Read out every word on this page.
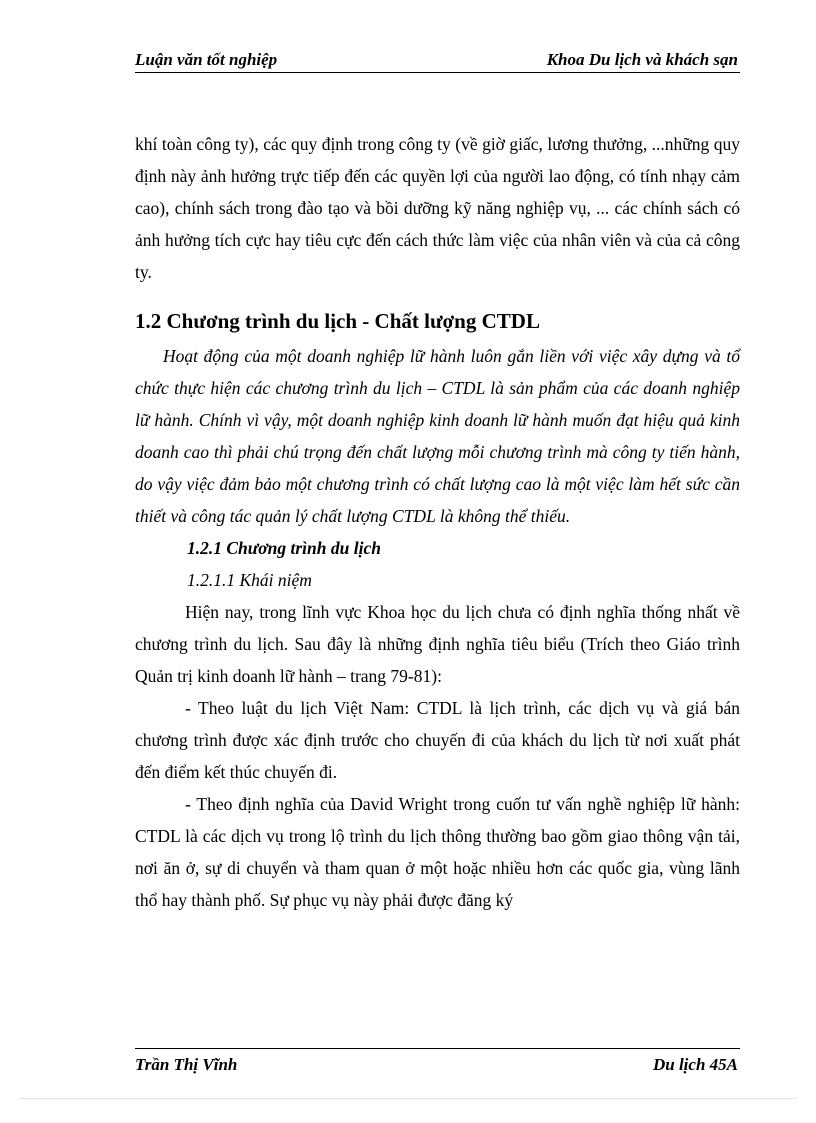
Luận văn tốt nghiệp	Khoa Du lịch và khách sạn

khí toàn công ty), các quy định trong công ty (về giờ giấc, lương thưởng, ...những quy định này ảnh hưởng trực tiếp đến các quyền lợi của người lao động, có tính nhạy cảm cao), chính sách trong đào tạo và bồi dưỡng kỹ năng nghiệp vụ, ... các chính sách có ảnh hưởng tích cực hay tiêu cực đến cách thức làm việc của nhân viên và của cả công ty.

1.2 Chương trình du lịch - Chất lượng CTDL

Hoạt động của một doanh nghiệp lữ hành luôn gắn liền với việc xây dựng và tổ chức thực hiện các chương trình du lịch – CTDL là sản phẩm của các doanh nghiệp lữ hành. Chính vì vậy, một doanh nghiệp kinh doanh lữ hành muốn đạt hiệu quả kinh doanh cao thì phải chú trọng đến chất lượng mỗi chương trình mà công ty tiến hành, do vậy việc đảm bảo một chương trình có chất lượng cao là một việc làm hết sức cần thiết và công tác quản lý chất lượng CTDL là không thể thiếu.

1.2.1 Chương trình du lịch
1.2.1.1 Khái niệm

Hiện nay, trong lĩnh vực Khoa học du lịch chưa có định nghĩa thống nhất về chương trình du lịch. Sau đây là những định nghĩa tiêu biểu (Trích theo Giáo trình Quản trị kinh doanh lữ hành – trang 79-81):

- Theo luật du lịch Việt Nam: CTDL là lịch trình, các dịch vụ và giá bán chương trình được xác định trước cho chuyến đi của khách du lịch từ nơi xuất phát đến điểm kết thúc chuyến đi.

- Theo định nghĩa của David Wright trong cuốn tư vấn nghề nghiệp lữ hành: CTDL là các dịch vụ trong lộ trình du lịch thông thường bao gồm giao thông vận tải, nơi ăn ở, sự di chuyển và tham quan ở một hoặc nhiều hơn các quốc gia, vùng lãnh thổ hay thành phố. Sự phục vụ này phải được đăng ký

Trần Thị Vĩnh	Du lịch 45A
